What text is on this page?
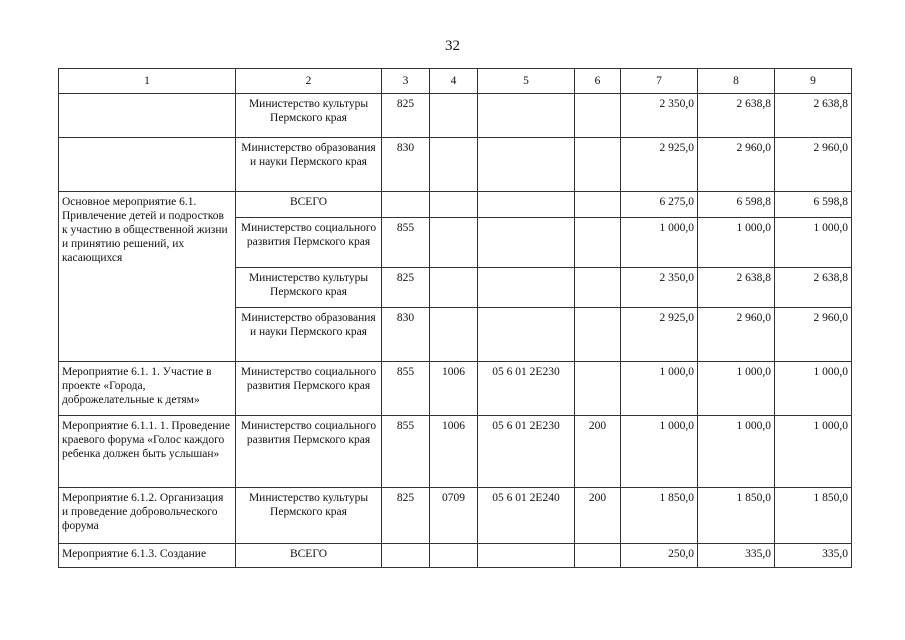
32
1	2	3	4	5	6	7	8	9
	Министерство культуры Пермского края	825				2 350,0	2 638,8	2 638,8
	Министерство образования и науки Пермского края	830				2 925,0	2 960,0	2 960,0
Основное мероприятие 6.1. Привлечение детей и подростков к участию в общественной жизни и принятию решений, их касающихся	ВСЕГО					6 275,0	6 598,8	6 598,8
	Министерство социального развития Пермского края	855				1 000,0	1 000,0	1 000,0
	Министерство культуры Пермского края	825				2 350,0	2 638,8	2 638,8
	Министерство образования и науки Пермского края	830				2 925,0	2 960,0	2 960,0
Мероприятие 6.1. 1. Участие в проекте «Города, доброжелательные к детям»	Министерство социального развития Пермского края	855	1006	05 6 01 2Е230		1 000,0	1 000,0	1 000,0
Мероприятие 6.1.1. 1. Проведение краевого форума «Голос каждого ребенка должен быть услышан»	Министерство социального развития Пермского края	855	1006	05 6 01 2Е230	200	1 000,0	1 000,0	1 000,0
Мероприятие 6.1.2. Организация и проведение добровольческого форума	Министерство культуры Пермского края	825	0709	05 6 01 2Е240	200	1 850,0	1 850,0	1 850,0
Мероприятие 6.1.3. Создание	ВСЕГО					250,0	335,0	335,0
